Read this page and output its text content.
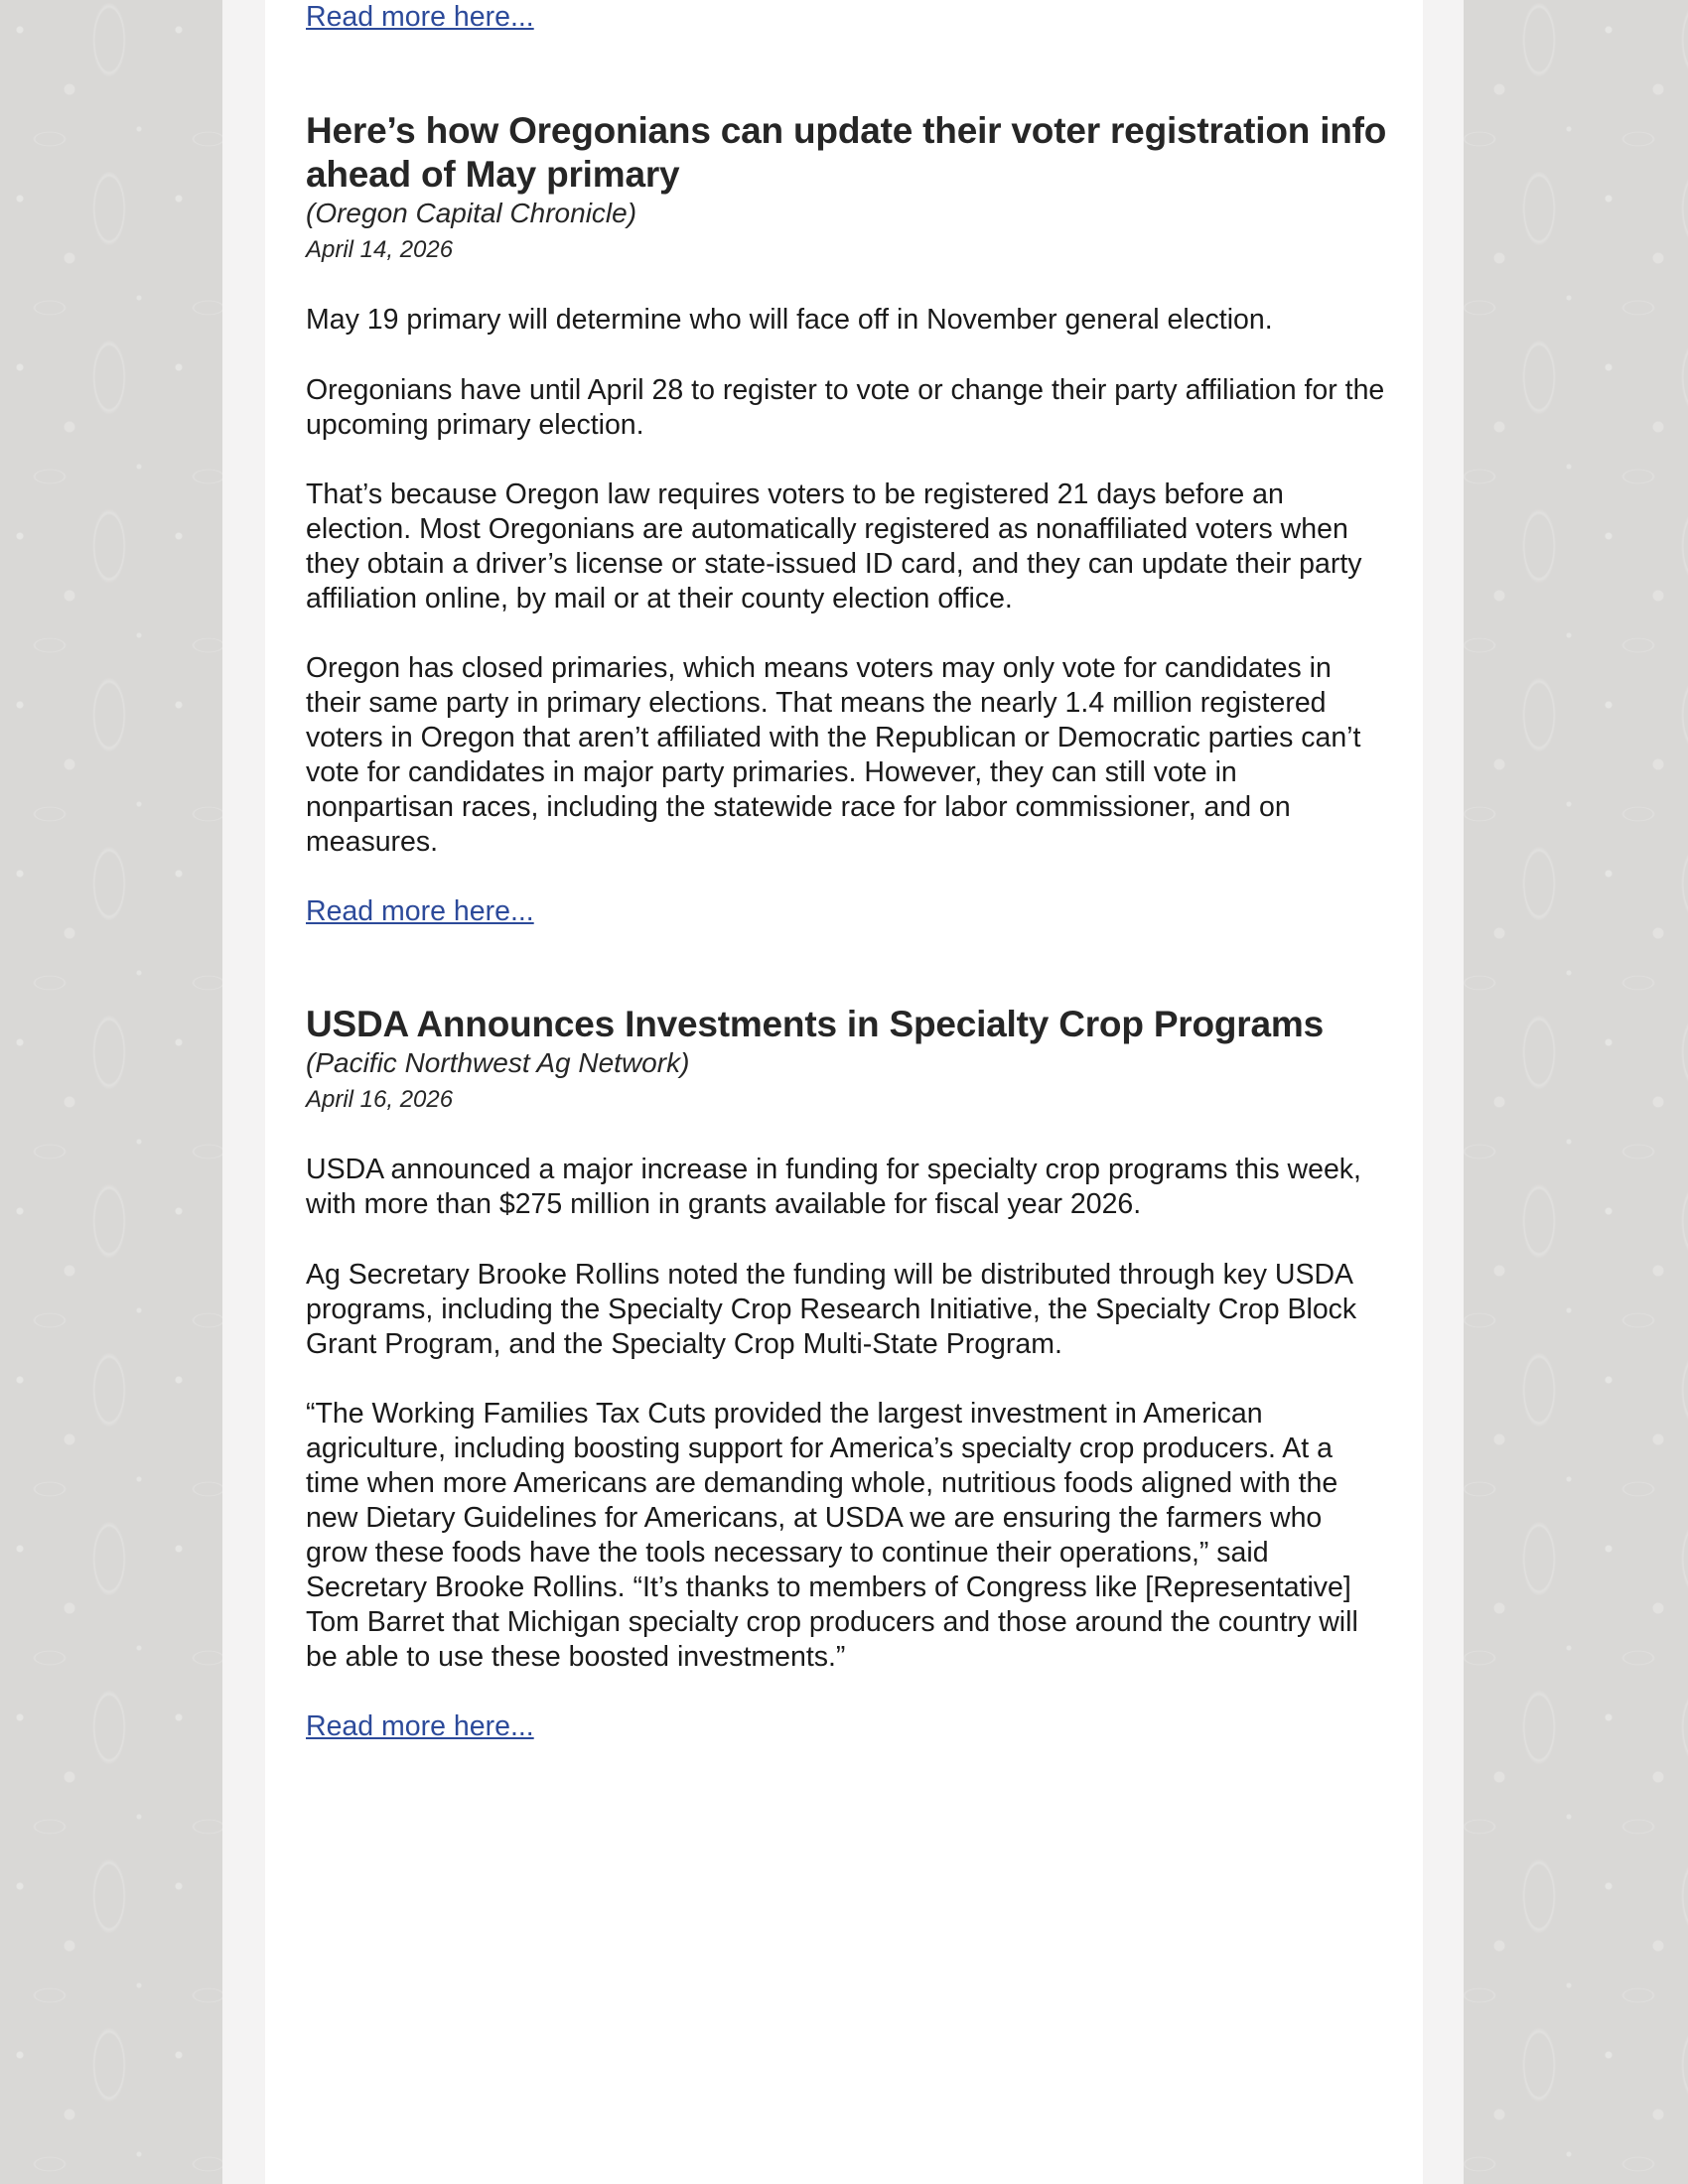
Read more here...
Here’s how Oregonians can update their voter registration info ahead of May primary

(Oregon Capital Chronicle)

April 14, 2026

May 19 primary will determine who will face off in November general election.

Oregonians have until April 28 to register to vote or change their party affiliation for the upcoming primary election.

That’s because Oregon law requires voters to be registered 21 days before an election. Most Oregonians are automatically registered as nonaffiliated voters when they obtain a driver’s license or state-issued ID card, and they can update their party affiliation online, by mail or at their county election office.

Oregon has closed primaries, which means voters may only vote for candidates in their same party in primary elections. That means the nearly 1.4 million registered voters in Oregon that aren’t affiliated with the Republican or Democratic parties can’t vote for candidates in major party primaries. However, they can still vote in nonpartisan races, including the statewide race for labor commissioner, and on measures.

Read more here...
USDA Announces Investments in Specialty Crop Programs

(Pacific Northwest Ag Network)

April 16, 2026

USDA announced a major increase in funding for specialty crop programs this week, with more than $275 million in grants available for fiscal year 2026.

Ag Secretary Brooke Rollins noted the funding will be distributed through key USDA programs, including the Specialty Crop Research Initiative, the Specialty Crop Block Grant Program, and the Specialty Crop Multi-State Program.

“The Working Families Tax Cuts provided the largest investment in American agriculture, including boosting support for America’s specialty crop producers. At a time when more Americans are demanding whole, nutritious foods aligned with the new Dietary Guidelines for Americans, at USDA we are ensuring the farmers who grow these foods have the tools necessary to continue their operations,” said Secretary Brooke Rollins. “It’s thanks to members of Congress like [Representative] Tom Barret that Michigan specialty crop producers and those around the country will be able to use these boosted investments.”

Read more here...
